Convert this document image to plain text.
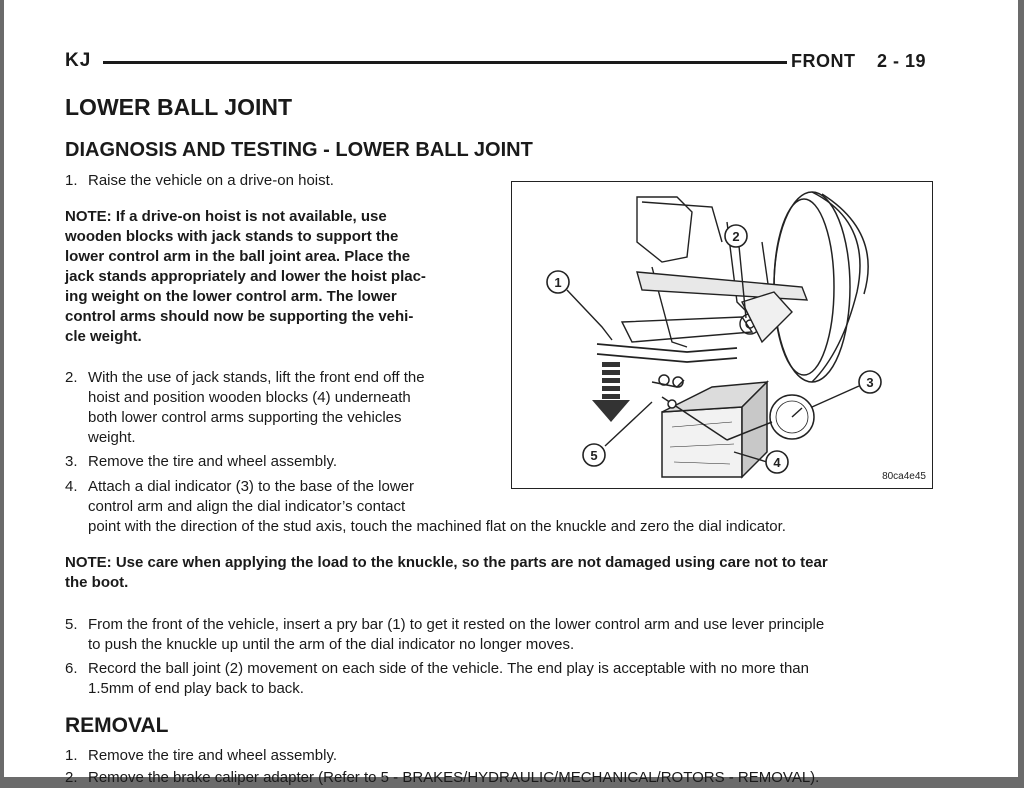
KJ	FRONT 2 - 19
LOWER BALL JOINT
DIAGNOSIS AND TESTING - LOWER BALL JOINT
1. Raise the vehicle on a drive-on hoist.
NOTE: If a drive-on hoist is not available, use
wooden blocks with jack stands to support the
lower control arm in the ball joint area. Place the
jack stands appropriately and lower the hoist plac-
ing weight on the lower control arm. The lower
control arms should now be supporting the vehi-
cle weight.
2. With the use of jack stands, lift the front end off the
hoist and position wooden blocks (4) underneath
both lower control arms supporting the vehicles
weight.
3. Remove the tire and wheel assembly.
4. Attach a dial indicator (3) to the base of the lower
control arm and align the dial indicator’s contact
point with the direction of the stud axis, touch the machined flat on the knuckle and zero the dial indicator.
NOTE: Use care when applying the load to the knuckle, so the parts are not damaged using care not to tear
the boot.
5. From the front of the vehicle, insert a pry bar (1) to get it rested on the lower control arm and use lever principle
to push the knuckle up until the arm of the dial indicator no longer moves.
6. Record the ball joint (2) movement on each side of the vehicle. The end play is acceptable with no more than
1.5mm of end play back to back.
REMOVAL
1. Remove the tire and wheel assembly.
2. Remove the brake caliper adapter (Refer to 5 - BRAKES/HYDRAULIC/MECHANICAL/ROTORS - REMOVAL).
1
2
3
4
5
80ca4e45
